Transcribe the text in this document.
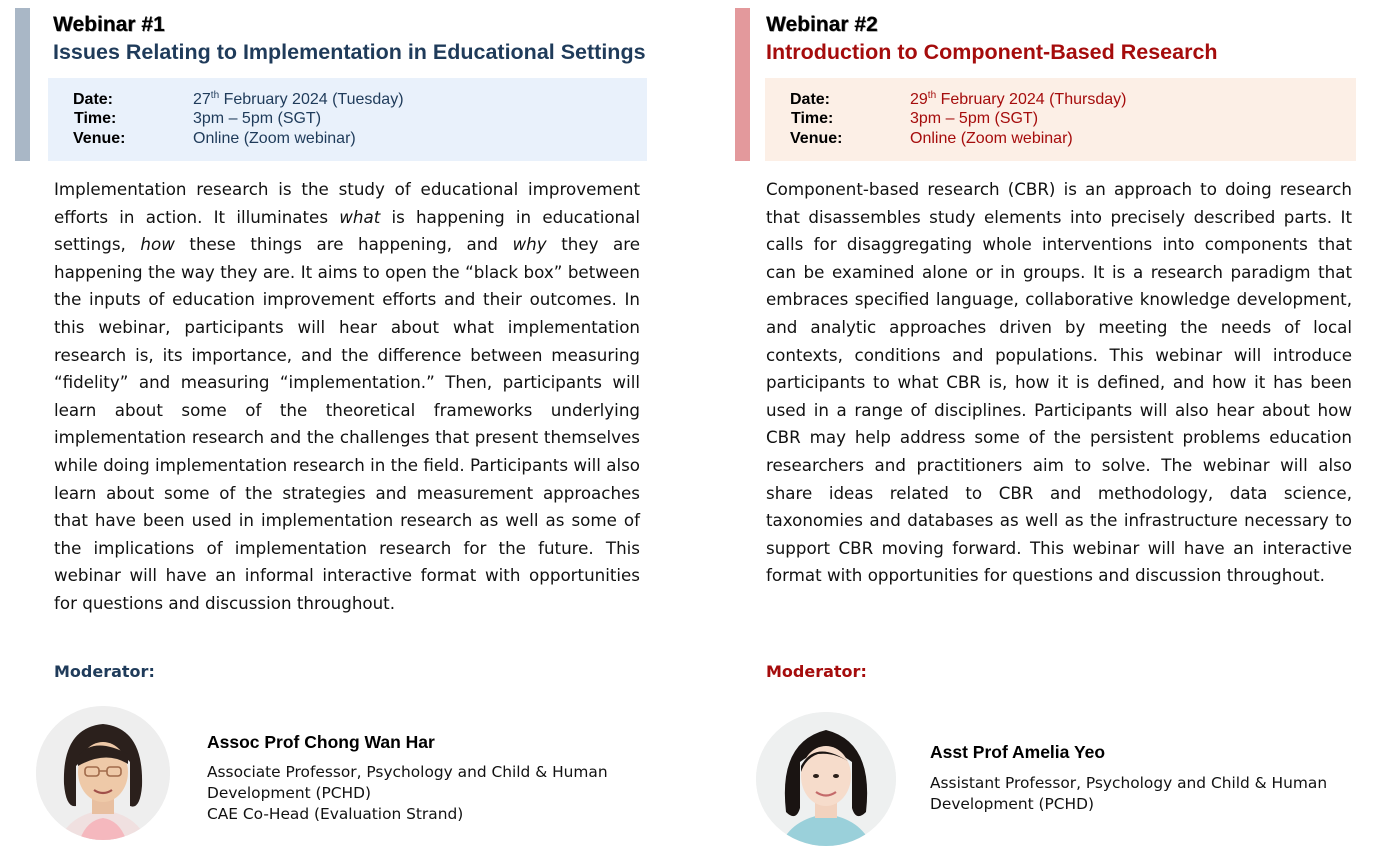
Webinar #1
Issues Relating to Implementation in Educational Settings
Date:	27th February 2024 (Tuesday)
Time:	3pm – 5pm (SGT)
Venue:	Online (Zoom webinar)

Implementation research is the study of educational improvement efforts in action. It illuminates what is happening in educational settings, how these things are happening, and why they are happening the way they are. It aims to open the “black box” between the inputs of education improvement efforts and their outcomes. In this webinar, participants will hear about what implementation research is, its importance, and the difference between measuring “fidelity” and measuring “implementation.” Then, participants will learn about some of the theoretical frameworks underlying implementation research and the challenges that present themselves while doing implementation research in the field. Participants will also learn about some of the strategies and measurement approaches that have been used in implementation research as well as some of the implications of implementation research for the future. This webinar will have an informal interactive format with opportunities for questions and discussion throughout.

Moderator:
Assoc Prof Chong Wan Har
Associate Professor, Psychology and Child & Human Development (PCHD)
CAE Co-Head (Evaluation Strand)
Webinar #2
Introduction to Component-Based Research
Date:	29th February 2024 (Thursday)
Time:	3pm – 5pm (SGT)
Venue:	Online (Zoom webinar)

Component-based research (CBR) is an approach to doing research that disassembles study elements into precisely described parts. It calls for disaggregating whole interventions into components that can be examined alone or in groups. It is a research paradigm that embraces specified language, collaborative knowledge development, and analytic approaches driven by meeting the needs of local contexts, conditions and populations. This webinar will introduce participants to what CBR is, how it is defined, and how it has been used in a range of disciplines. Participants will also hear about how CBR may help address some of the persistent problems education researchers and practitioners aim to solve. The webinar will also share ideas related to CBR and methodology, data science, taxonomies and databases as well as the infrastructure necessary to support CBR moving forward. This webinar will have an interactive format with opportunities for questions and discussion throughout.

Moderator:
Asst Prof Amelia Yeo
Assistant Professor, Psychology and Child & Human Development (PCHD)
